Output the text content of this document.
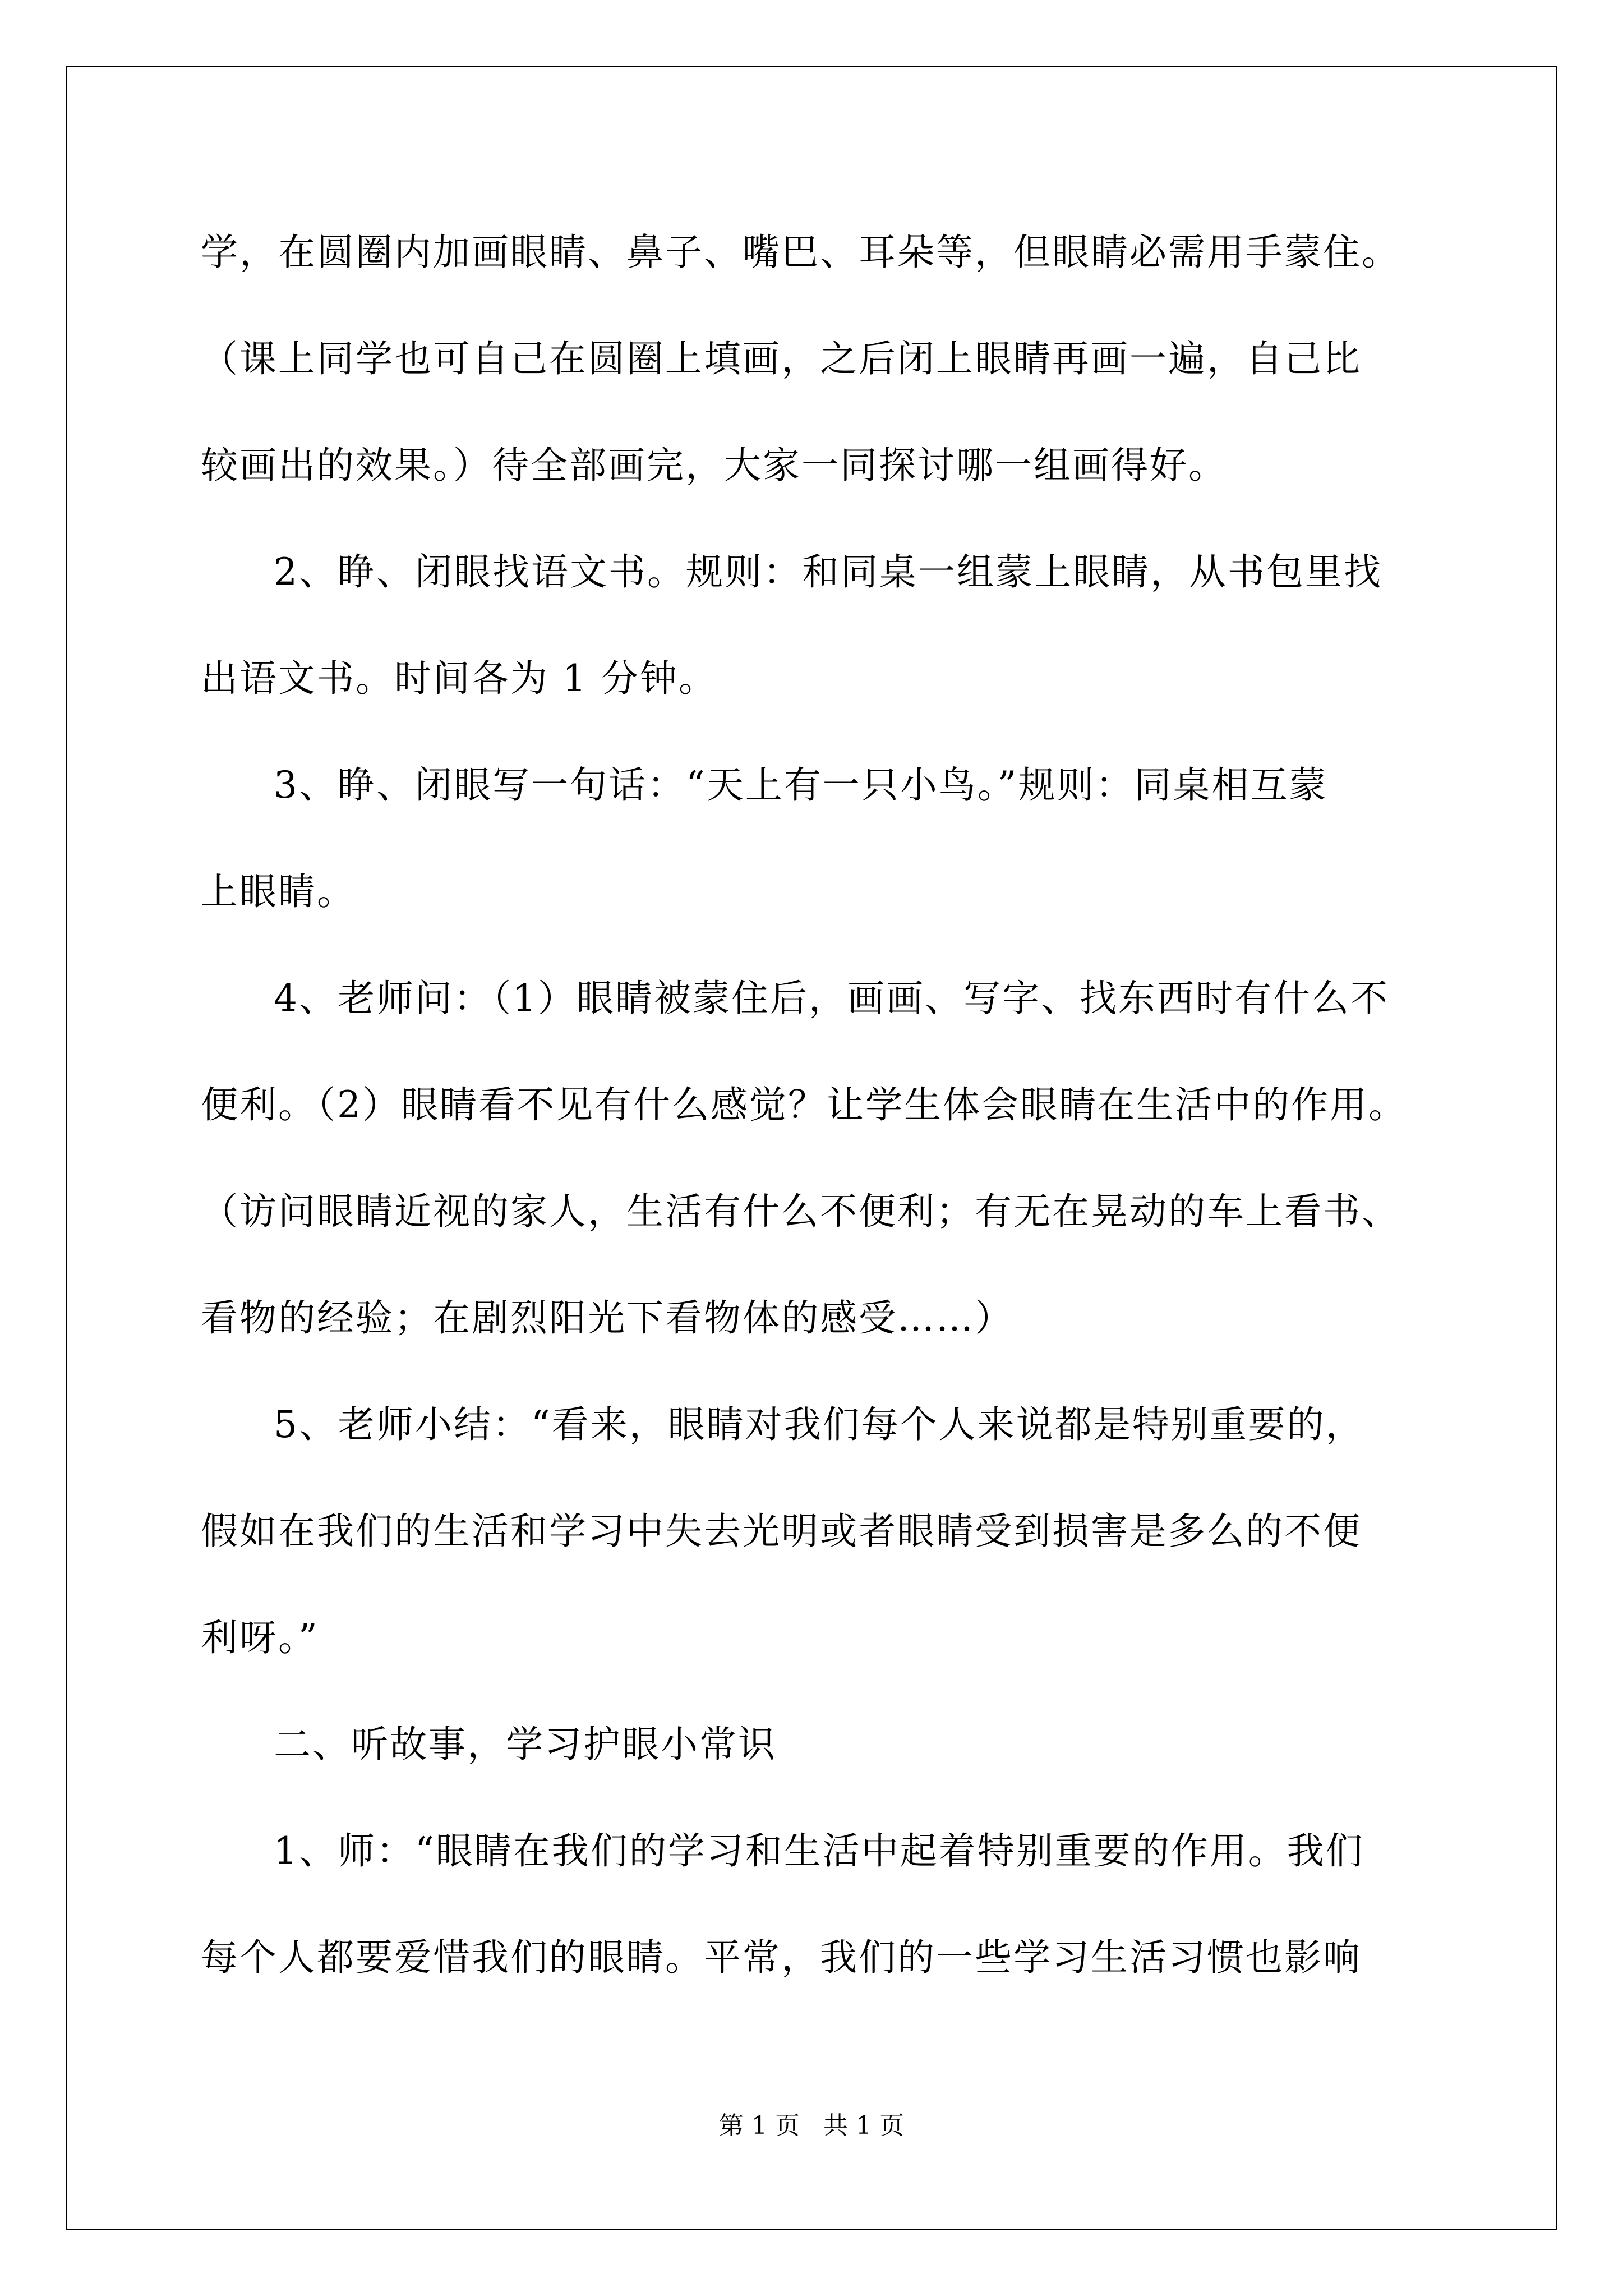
学，在圆圈内加画眼睛、鼻子、嘴巴、耳朵等，但眼睛必需用手蒙住。
（课上同学也可自己在圆圈上填画，之后闭上眼睛再画一遍，自己比
较画出的效果。）待全部画完，大家一同探讨哪一组画得好。
2、睁、闭眼找语文书。规则：和同桌一组蒙上眼睛，从书包里找
出语文书。时间各为 1 分钟。
3、睁、闭眼写一句话：“天上有一只小鸟。”规则：同桌相互蒙
上眼睛。
4、老师问：（1）眼睛被蒙住后，画画、写字、找东西时有什么不
便利。（2）眼睛看不见有什么感觉？让学生体会眼睛在生活中的作用。
（访问眼睛近视的家人，生活有什么不便利；有无在晃动的车上看书、
看物的经验；在剧烈阳光下看物体的感受……）
5、老师小结：“看来，眼睛对我们每个人来说都是特别重要的，
假如在我们的生活和学习中失去光明或者眼睛受到损害是多么的不便
利呀。”
二、听故事，学习护眼小常识
1、师：“眼睛在我们的学习和生活中起着特别重要的作用。我们
每个人都要爱惜我们的眼睛。平常，我们的一些学习生活习惯也影响
第 1 页   共 1 页
